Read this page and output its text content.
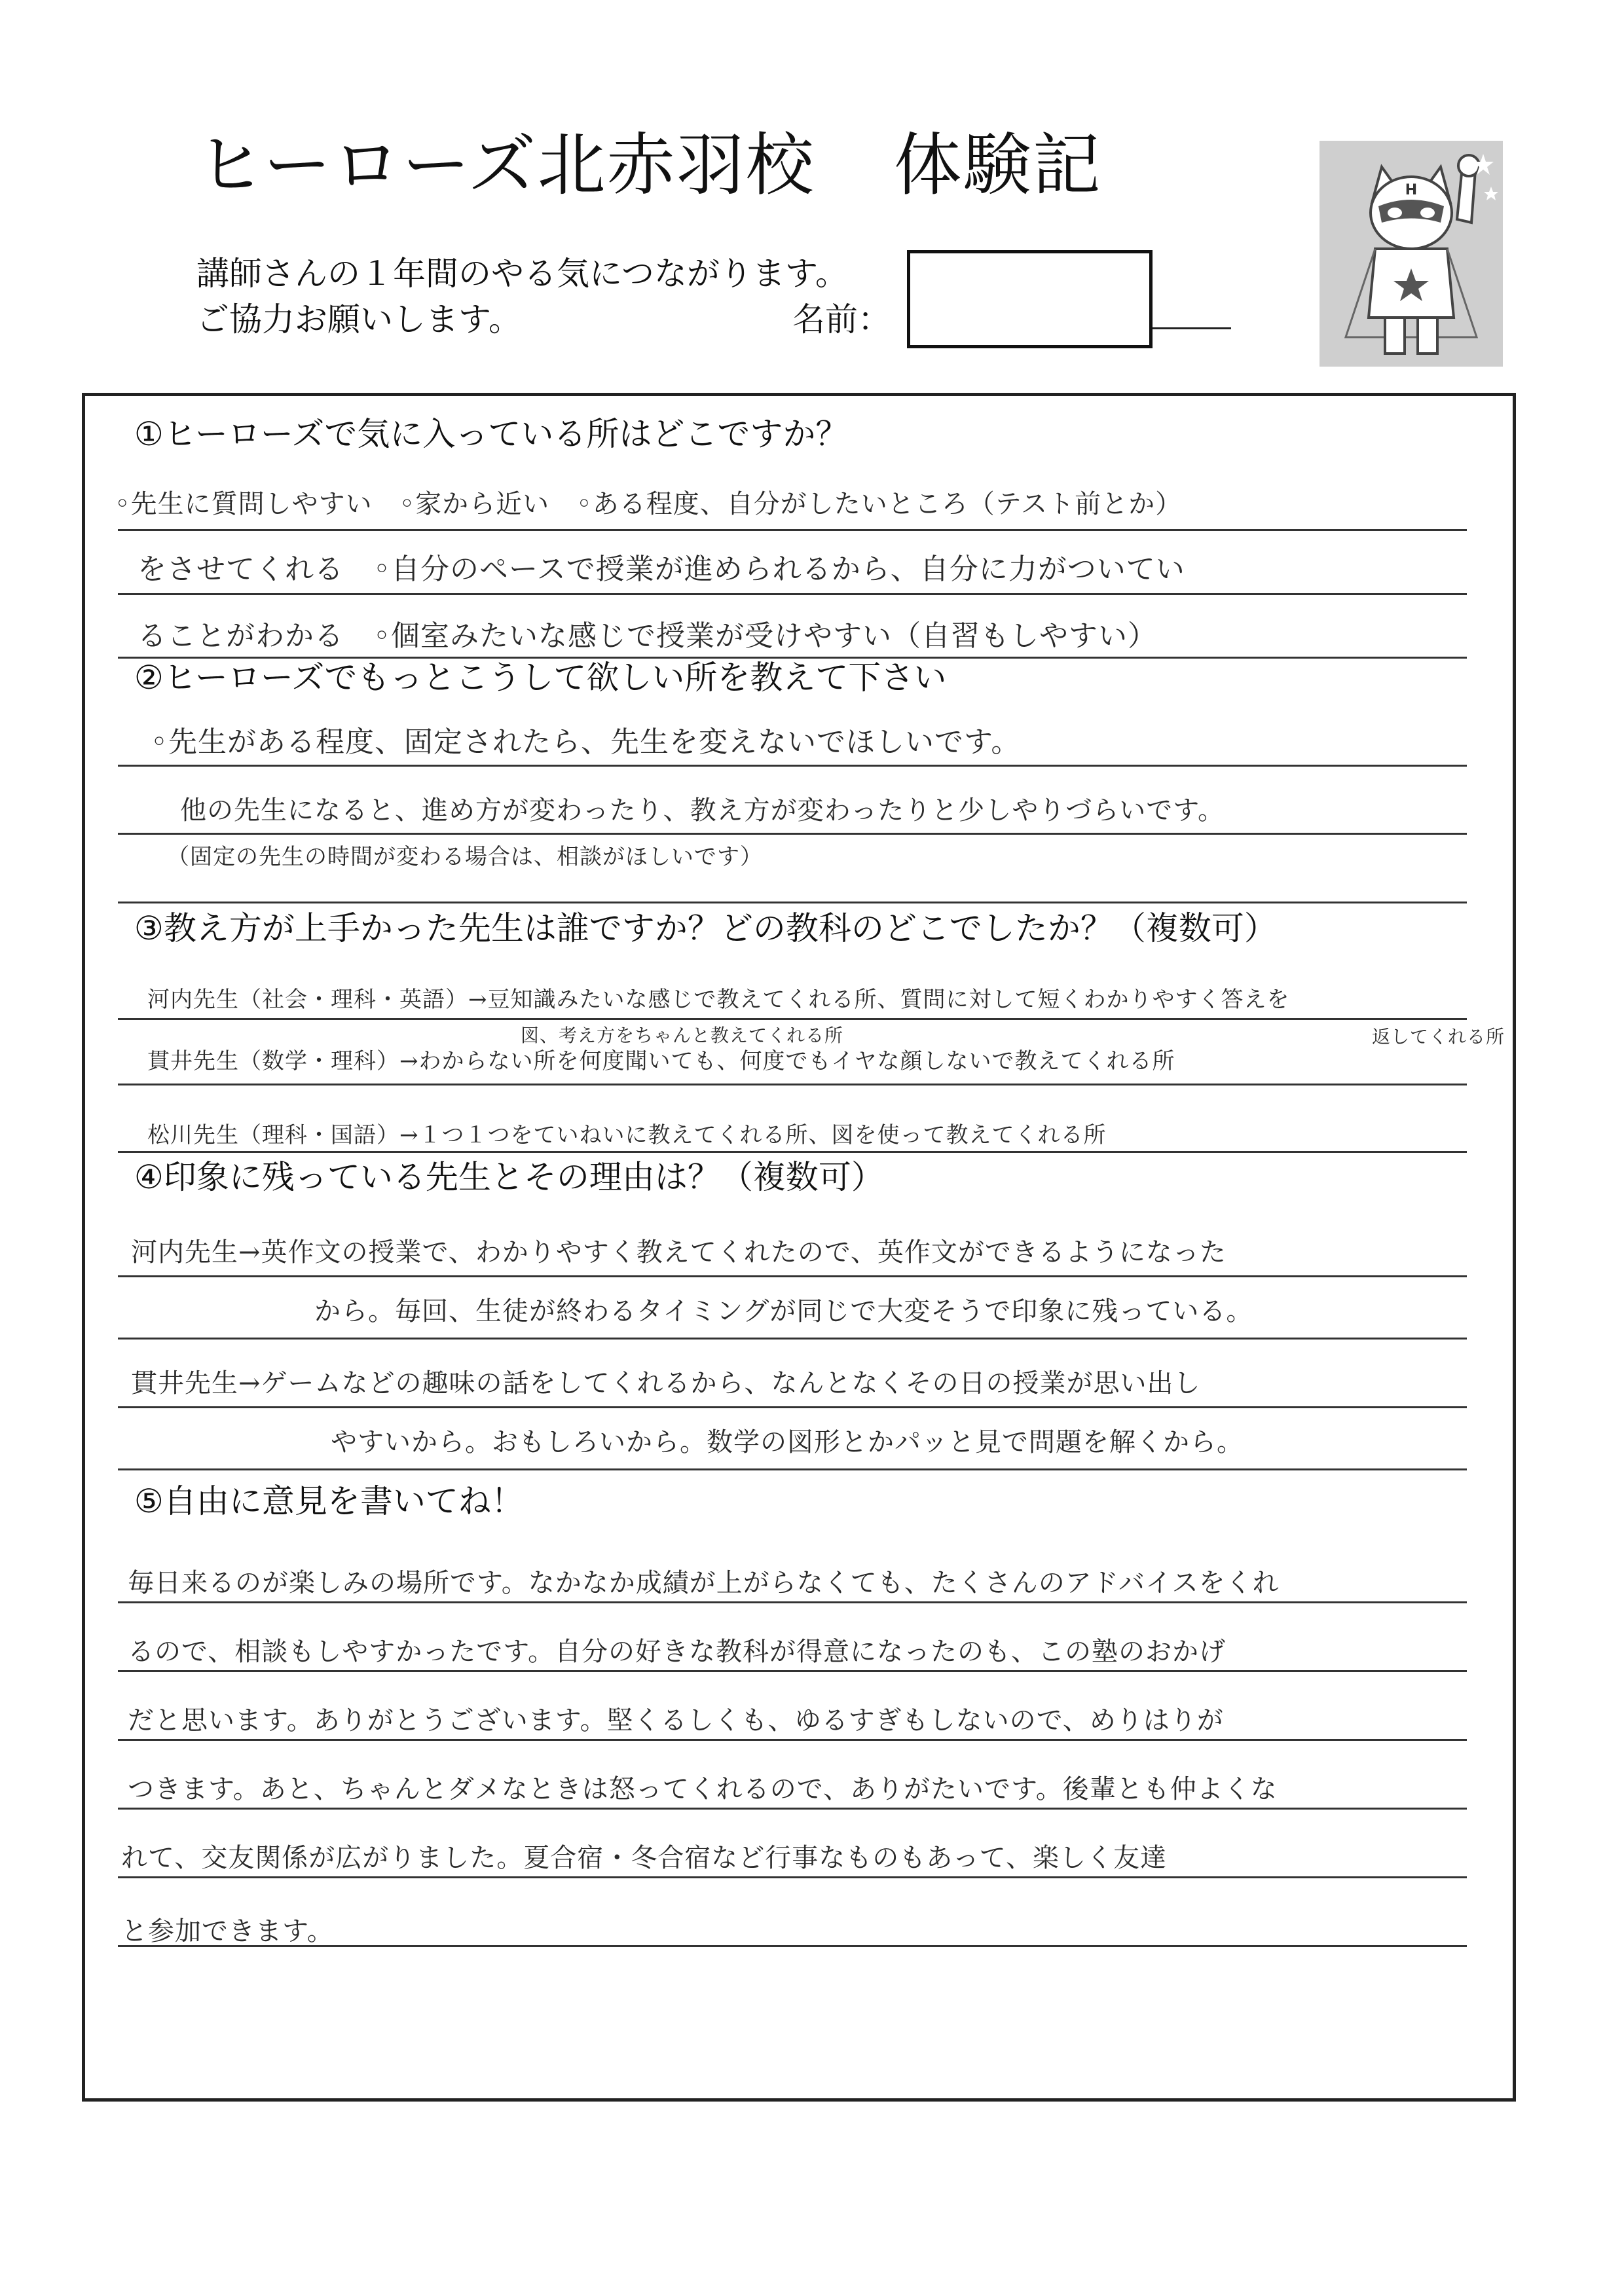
ヒーローズ北赤羽校 体験記
講師さんの１年間のやる気につながります。
ご協力お願いします。	名前：
H
①ヒーローズで気に入っている所はどこですか？
◦先生に質問しやすい　◦家から近い　◦ある程度、自分がしたいところ（テスト前とか）
をさせてくれる　◦自分のペースで授業が進められるから、自分に力がついてい
ることがわかる　◦個室みたいな感じで授業が受けやすい（自習もしやすい）
②ヒーローズでもっとこうして欲しい所を教えて下さい
◦先生がある程度、固定されたら、先生を変えないでほしいです。
他の先生になると、進め方が変わったり、教え方が変わったりと少しやりづらいです。
（固定の先生の時間が変わる場合は、相談がほしいです）
③教え方が上手かった先生は誰ですか？どの教科のどこでしたか？（複数可）
河内先生（社会・理科・英語）→豆知識みたいな感じで教えてくれる所、質問に対して短くわかりやすく答えを
図、考え方をちゃんと教えてくれる所	返してくれる所
貫井先生（数学・理科）→わからない所を何度聞いても、何度でもイヤな顔しないで教えてくれる所
松川先生（理科・国語）→１つ１つをていねいに教えてくれる所、図を使って教えてくれる所
④印象に残っている先生とその理由は？（複数可）
河内先生→英作文の授業で、わかりやすく教えてくれたので、英作文ができるようになった
から。毎回、生徒が終わるタイミングが同じで大変そうで印象に残っている。
貫井先生→ゲームなどの趣味の話をしてくれるから、なんとなくその日の授業が思い出し
やすいから。おもしろいから。数学の図形とかパッと見で問題を解くから。
⑤自由に意見を書いてね！
毎日来るのが楽しみの場所です。なかなか成績が上がらなくても、たくさんのアドバイスをくれ
るので、相談もしやすかったです。自分の好きな教科が得意になったのも、この塾のおかげ
だと思います。ありがとうございます。堅くるしくも、ゆるすぎもしないので、めりはりが
つきます。あと、ちゃんとダメなときは怒ってくれるので、ありがたいです。後輩とも仲よくな
れて、交友関係が広がりました。夏合宿・冬合宿など行事なものもあって、楽しく友達
と参加できます。
